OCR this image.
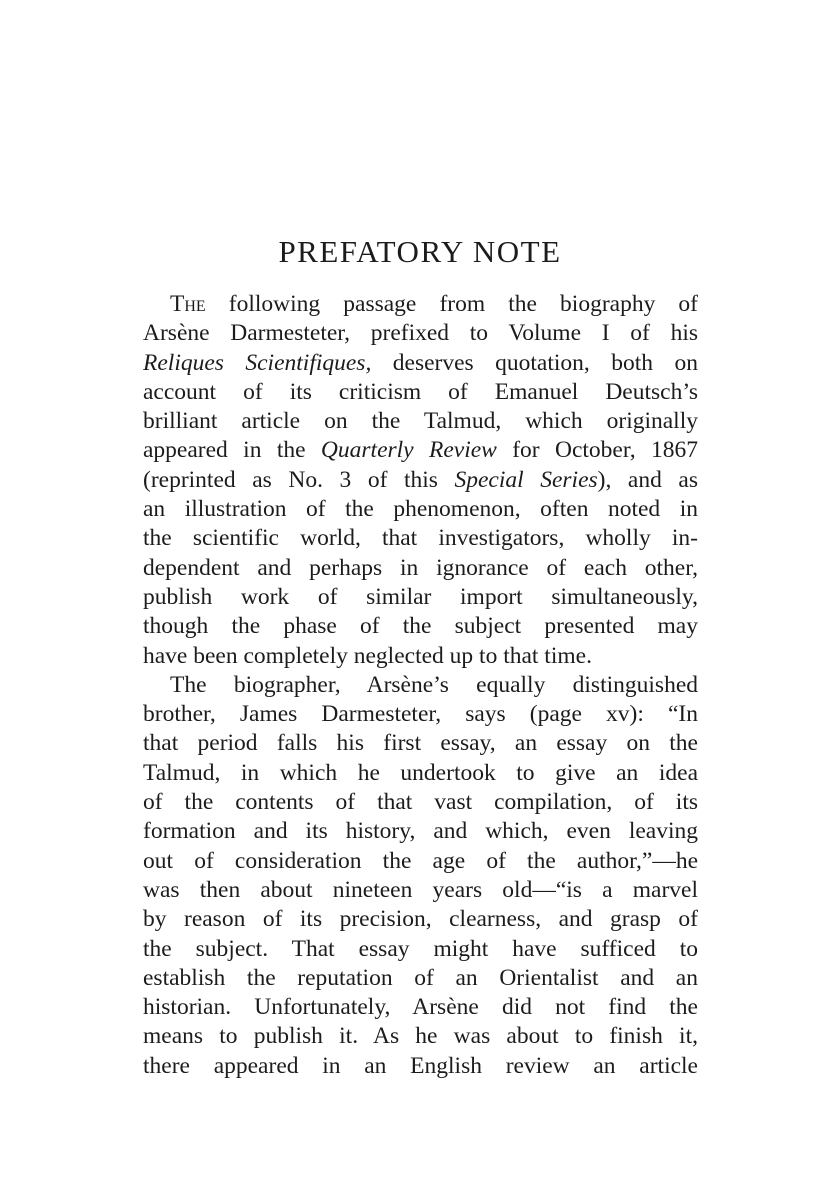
PREFATORY NOTE
The following passage from the biography of
Arsène Darmesteter, prefixed to Volume I of his
Reliques Scientifiques, deserves quotation, both on
account of its criticism of Emanuel Deutsch’s
brilliant article on the Talmud, which originally
appeared in the Quarterly Review for October, 1867
(reprinted as No. 3 of this Special Series), and as
an illustration of the phenomenon, often noted in
the scientific world, that investigators, wholly in-
dependent and perhaps in ignorance of each other,
publish work of similar import simultaneously,
though the phase of the subject presented may
have been completely neglected up to that time.
The biographer, Arsène’s equally distinguished
brother, James Darmesteter, says (page xv): “In
that period falls his first essay, an essay on the
Talmud, in which he undertook to give an idea
of the contents of that vast compilation, of its
formation and its history, and which, even leaving
out of consideration the age of the author,”—he
was then about nineteen years old—“is a marvel
by reason of its precision, clearness, and grasp of
the subject. That essay might have sufficed to
establish the reputation of an Orientalist and an
historian. Unfortunately, Arsène did not find the
means to publish it. As he was about to finish it,
there appeared in an English review an article
